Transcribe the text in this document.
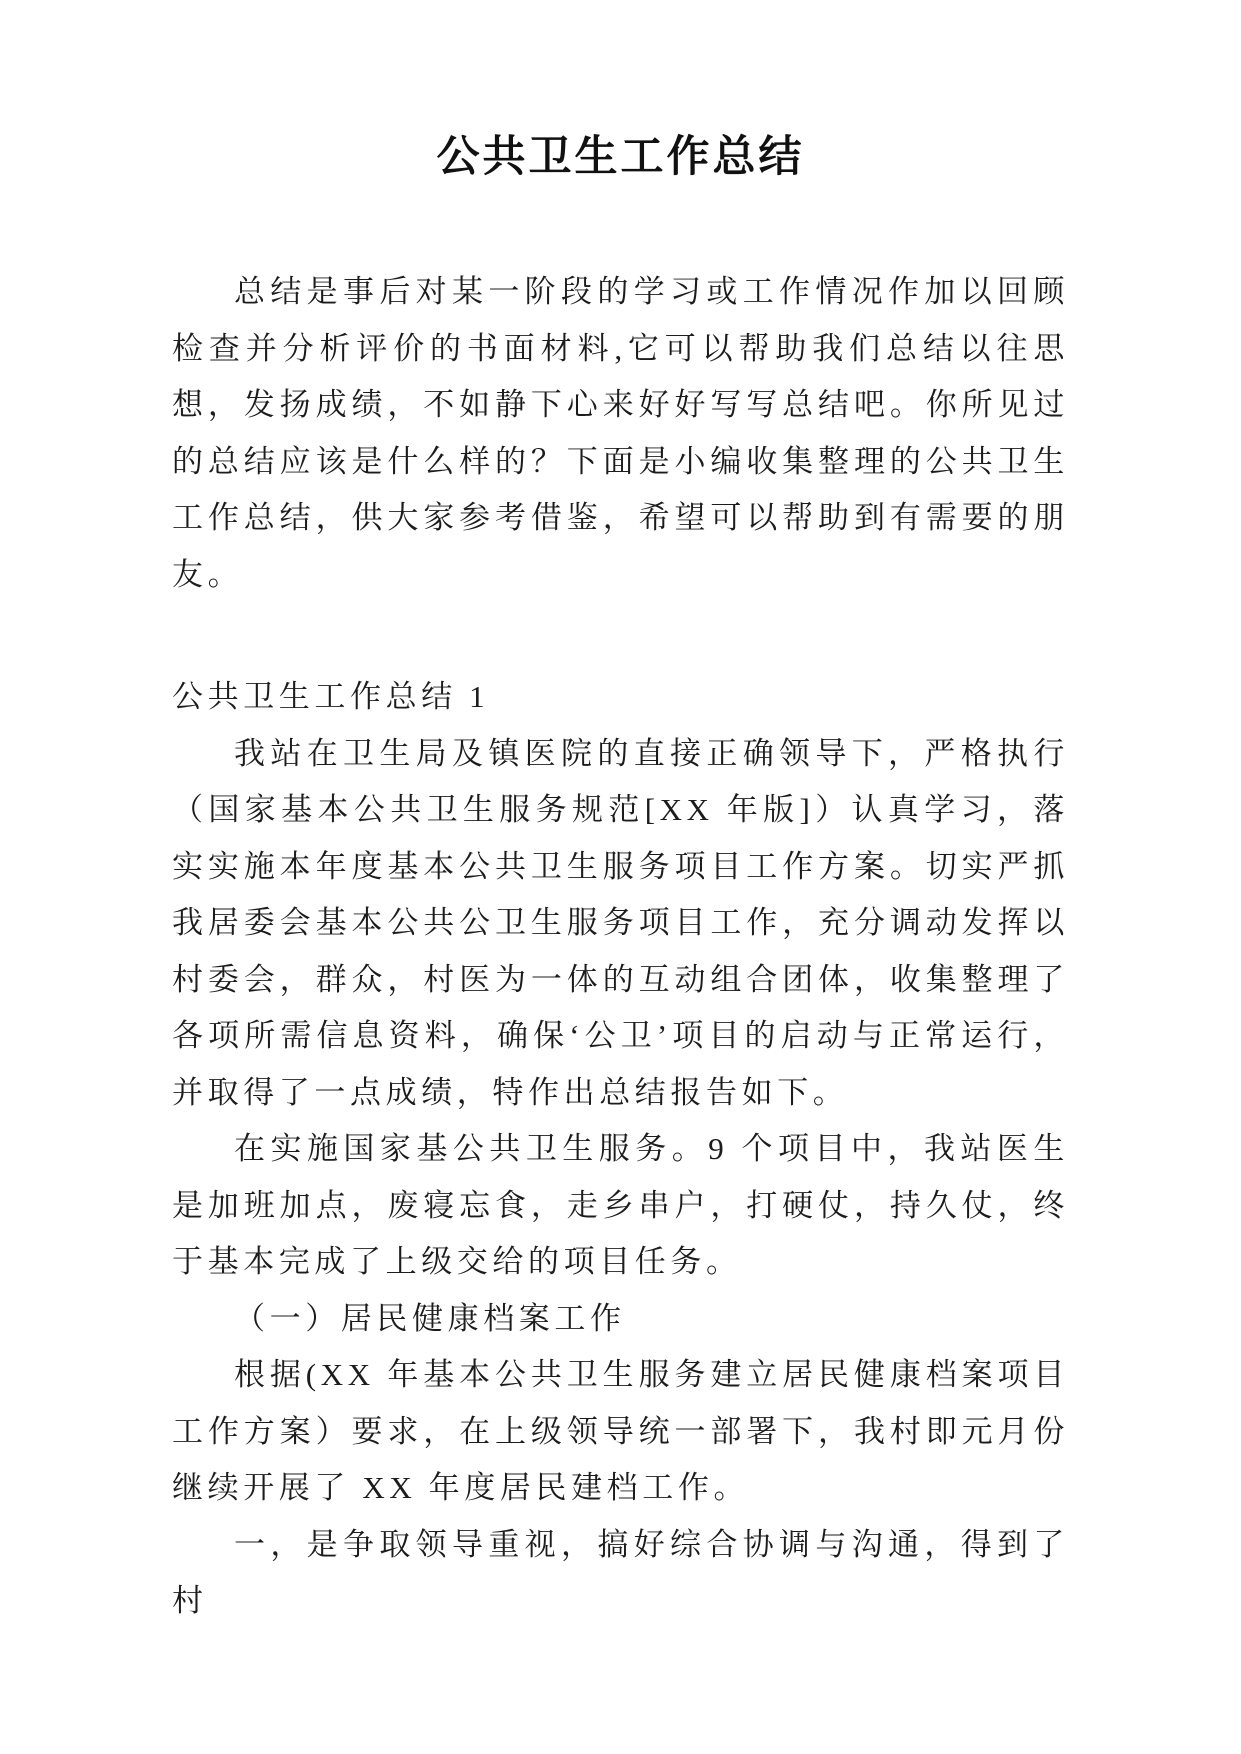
公共卫生工作总结

总结是事后对某一阶段的学习或工作情况作加以回顾检查并分析评价的书面材料,它可以帮助我们总结以往思想，发扬成绩，不如静下心来好好写写总结吧。你所见过的总结应该是什么样的？下面是小编收集整理的公共卫生工作总结，供大家参考借鉴，希望可以帮助到有需要的朋友。

公共卫生工作总结 1

我站在卫生局及镇医院的直接正确领导下，严格执行（国家基本公共卫生服务规范[XX 年版]）认真学习，落实实施本年度基本公共卫生服务项目工作方案。切实严抓我居委会基本公共公卫生服务项目工作，充分调动发挥以村委会，群众，村医为一体的互动组合团体，收集整理了各项所需信息资料，确保‘公卫’项目的启动与正常运行，并取得了一点成绩，特作出总结报告如下。

在实施国家基公共卫生服务。9 个项目中，我站医生是加班加点，废寝忘食，走乡串户，打硬仗，持久仗，终于基本完成了上级交给的项目任务。

（一）居民健康档案工作

根据(XX 年基本公共卫生服务建立居民健康档案项目工作方案）要求，在上级领导统一部署下，我村即元月份继续开展了 XX 年度居民建档工作。

一，是争取领导重视，搞好综合协调与沟通，得到了村
